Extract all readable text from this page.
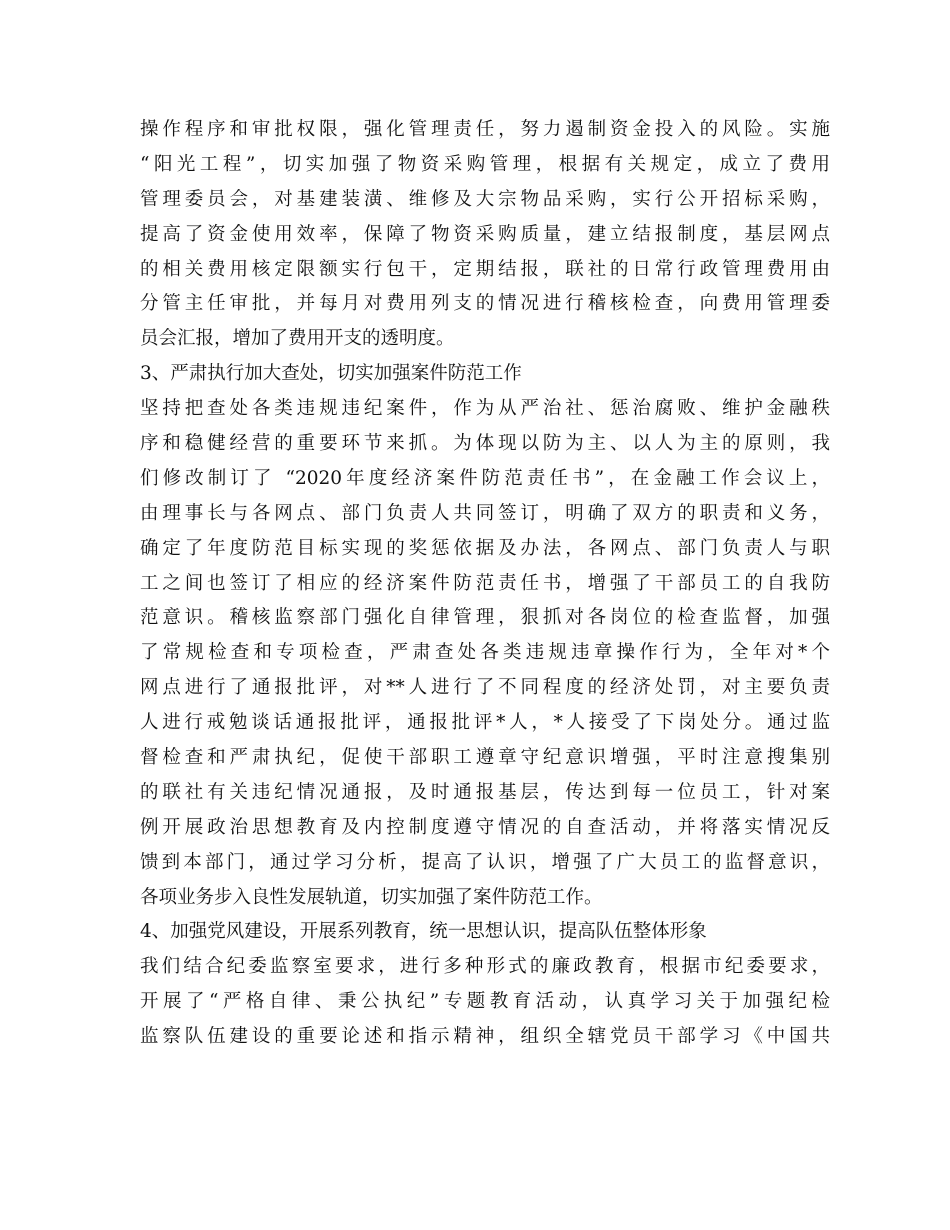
操作程序和审批权限，强化管理责任，努力遏制资金投入的风险。实施
“阳光工程”，切实加强了物资采购管理，根据有关规定，成立了费用
管理委员会，对基建装潢、维修及大宗物品采购，实行公开招标采购，
提高了资金使用效率，保障了物资采购质量，建立结报制度，基层网点
的相关费用核定限额实行包干，定期结报，联社的日常行政管理费用由
分管主任审批，并每月对费用列支的情况进行稽核检查，向费用管理委
员会汇报，增加了费用开支的透明度。
3、严肃执行加大查处，切实加强案件防范工作
坚持把查处各类违规违纪案件，作为从严治社、惩治腐败、维护金融秩
序和稳健经营的重要环节来抓。为体现以防为主、以人为主的原则，我
们修改制订了 “2020年度经济案件防范责任书”，在金融工作会议上，
由理事长与各网点、部门负责人共同签订，明确了双方的职责和义务，
确定了年度防范目标实现的奖惩依据及办法，各网点、部门负责人与职
工之间也签订了相应的经济案件防范责任书，增强了干部员工的自我防
范意识。稽核监察部门强化自律管理，狠抓对各岗位的检查监督，加强
了常规检查和专项检查，严肃查处各类违规违章操作行为，全年对*个
网点进行了通报批评，对**人进行了不同程度的经济处罚，对主要负责
人进行戒勉谈话通报批评，通报批评*人，*人接受了下岗处分。通过监
督检查和严肃执纪，促使干部职工遵章守纪意识增强，平时注意搜集别
的联社有关违纪情况通报，及时通报基层，传达到每一位员工，针对案
例开展政治思想教育及内控制度遵守情况的自查活动，并将落实情况反
馈到本部门，通过学习分析，提高了认识，增强了广大员工的监督意识，
各项业务步入良性发展轨道，切实加强了案件防范工作。
4、加强党风建设，开展系列教育，统一思想认识，提高队伍整体形象
我们结合纪委监察室要求，进行多种形式的廉政教育，根据市纪委要求，
开展了“严格自律、秉公执纪”专题教育活动，认真学习关于加强纪检
监察队伍建设的重要论述和指示精神，组织全辖党员干部学习《中国共
